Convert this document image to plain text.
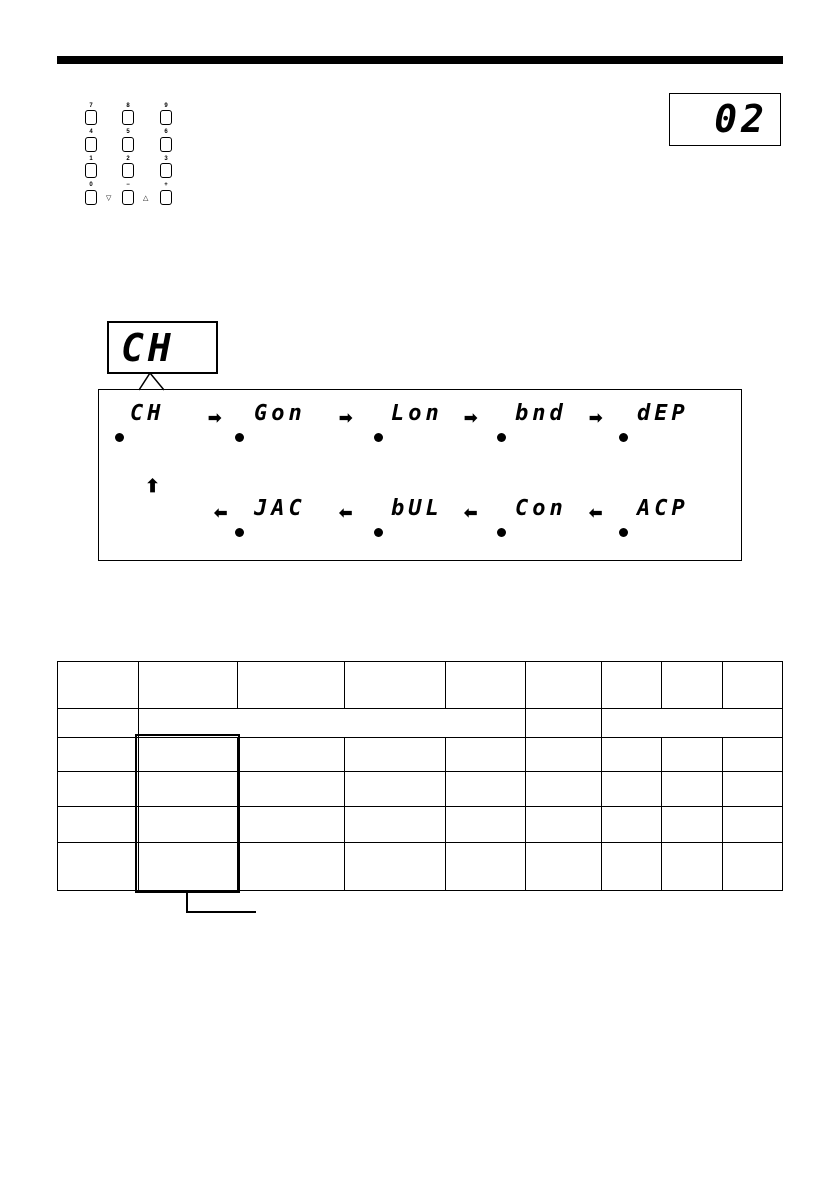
7	8	9
4	5	6
1	2	3
0	−	+
▽	△
02
CH
CH	➡ Gon ➡ Lon ➡ bnd ➡ dEP
⬆
⬅ JAC ⬅ bUL ⬅ Con ⬅ ACP
